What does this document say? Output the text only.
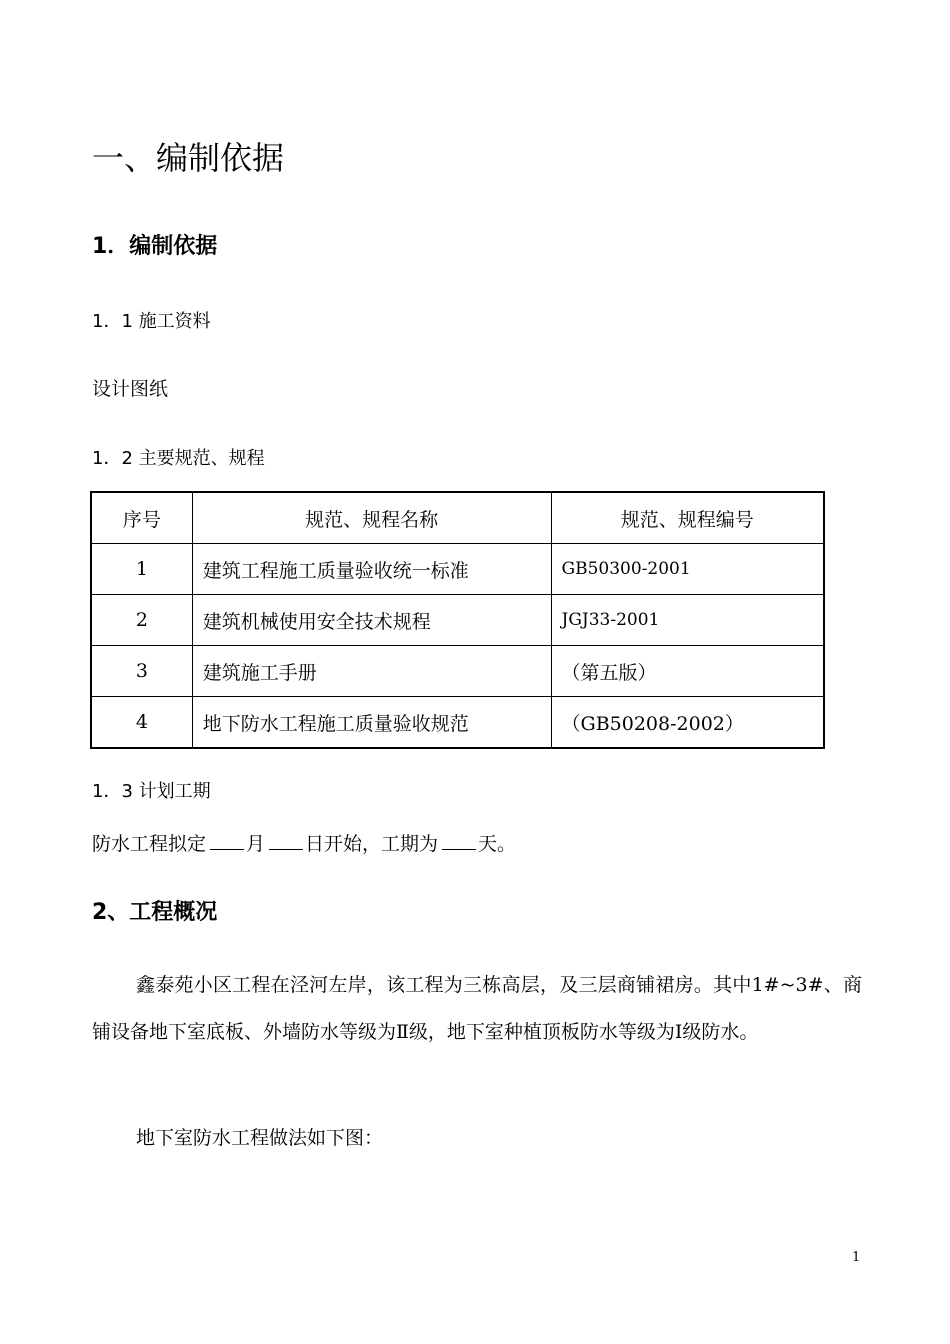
一、编制依据
1．编制依据
1．1 施工资料
设计图纸
1．2 主要规范、规程
序号	规范、规程名称	规范、规程编号
1	建筑工程施工质量验收统一标准	GB50300-2001
2	建筑机械使用安全技术规程	JGJ33-2001
3	建筑施工手册	（第五版）
4	地下防水工程施工质量验收规范	（GB50208-2002）
1．3 计划工期
防水工程拟定 月 日开始，工期为 天。
2、工程概况
鑫泰苑小区工程在泾河左岸，该工程为三栋高层，及三层商铺裙房。其中1#~3#、商铺设备地下室底板、外墙防水等级为Ⅱ级，地下室种植顶板防水等级为Ⅰ级防水。
地下室防水工程做法如下图：
1
